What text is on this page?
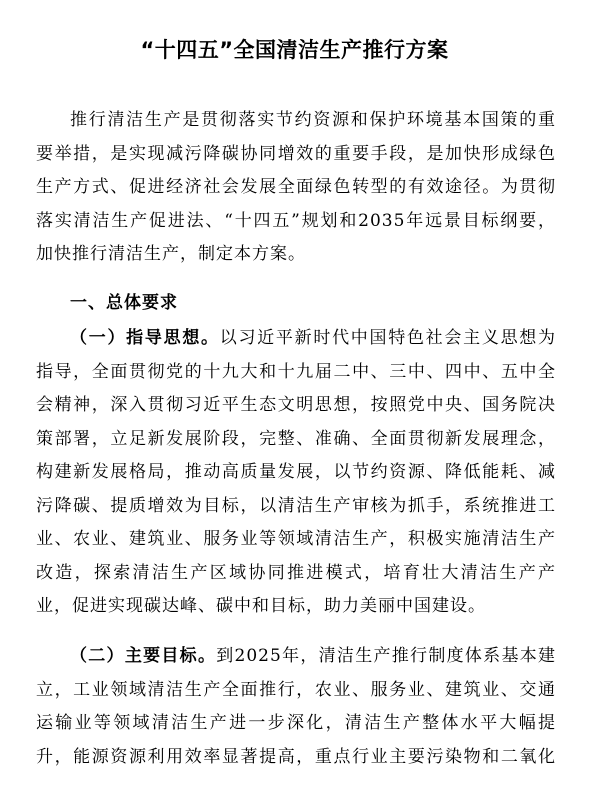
“十四五”全国清洁生产推行方案

推行清洁生产是贯彻落实节约资源和保护环境基本国策的重
要举措，是实现减污降碳协同增效的重要手段，是加快形成绿色
生产方式、促进经济社会发展全面绿色转型的有效途径。为贯彻
落实清洁生产促进法、“十四五”规划和2035年远景目标纲要，
加快推行清洁生产，制定本方案。

一、总体要求

（一）指导思想。以习近平新时代中国特色社会主义思想为
指导，全面贯彻党的十九大和十九届二中、三中、四中、五中全
会精神，深入贯彻习近平生态文明思想，按照党中央、国务院决
策部署，立足新发展阶段，完整、准确、全面贯彻新发展理念，
构建新发展格局，推动高质量发展，以节约资源、降低能耗、减
污降碳、提质增效为目标，以清洁生产审核为抓手，系统推进工
业、农业、建筑业、服务业等领域清洁生产，积极实施清洁生产
改造，探索清洁生产区域协同推进模式，培育壮大清洁生产产
业，促进实现碳达峰、碳中和目标，助力美丽中国建设。

（二）主要目标。到2025年，清洁生产推行制度体系基本建
立，工业领域清洁生产全面推行，农业、服务业、建筑业、交通
运输业等领域清洁生产进一步深化，清洁生产整体水平大幅提
升，能源资源利用效率显著提高，重点行业主要污染物和二氧化
